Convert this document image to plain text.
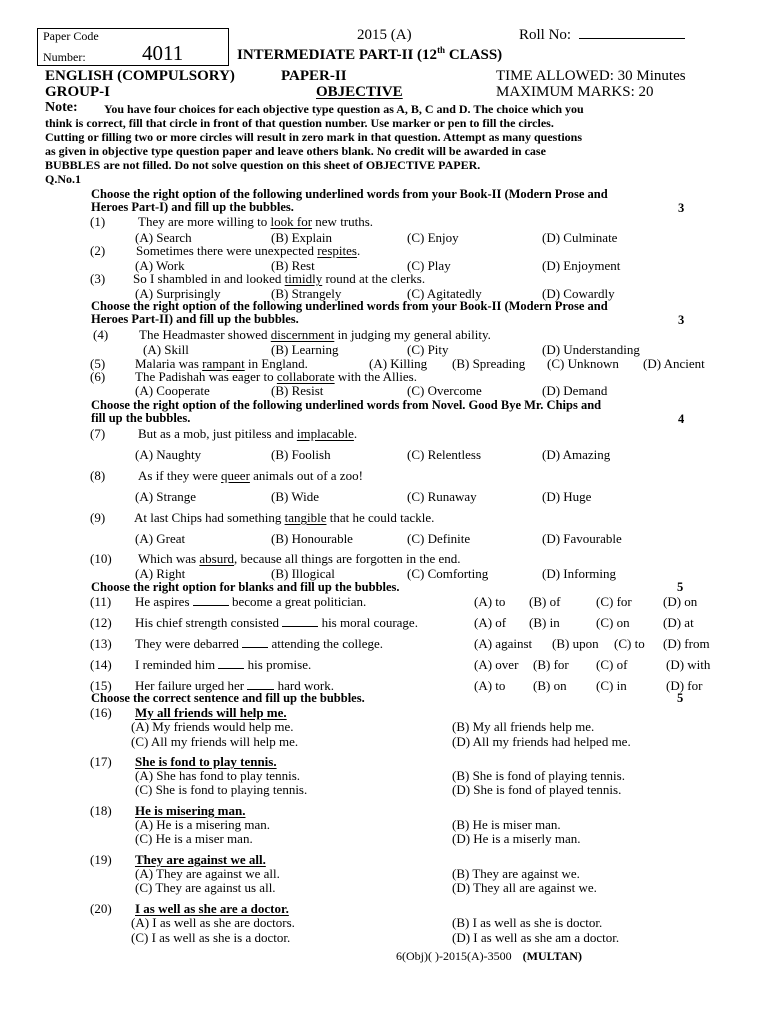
Paper Code
Number:	4011
2015 (A)	Roll No:
INTERMEDIATE PART-II (12th CLASS)
ENGLISH (COMPULSORY)	PAPER-II	TIME ALLOWED: 30 Minutes
GROUP-I	OBJECTIVE	MAXIMUM MARKS: 20
Note: You have four choices for each objective type question as A, B, C and D. The choice which you
think is correct, fill that circle in front of that question number. Use marker or pen to fill the circles.
Cutting or filling two or more circles will result in zero mark in that question. Attempt as many questions
as given in objective type question paper and leave others blank. No credit will be awarded in case
BUBBLES are not filled. Do not solve question on this sheet of OBJECTIVE PAPER.
Q.No.1
Choose the right option of the following underlined words from your Book-II (Modern Prose and
Heroes Part-I) and fill up the bubbles.	3
(1)	They are more willing to look for new truths.
(A) Search	(B) Explain	(C) Enjoy	(D) Culminate
(2) Sometimes there were unexpected respites.
(A) Work	(B) Rest	(C) Play	(D) Enjoyment
(3) So I shambled in and looked timidly round at the clerks.
(A) Surprisingly	(B) Strangely	(C) Agitatedly	(D) Cowardly
Choose the right option of the following underlined words from your Book-II (Modern Prose and
Heroes Part-II) and fill up the bubbles.	3
(4) The Headmaster showed discernment in judging my general ability.
(A) Skill	(B) Learning	(C) Pity	(D) Understanding
(5) Malaria was rampant in England.	(A) Killing (B) Spreading (C) Unknown (D) Ancient
(6) The Padishah was eager to collaborate with the Allies.
(A) Cooperate	(B) Resist	(C) Overcome	(D) Demand
Choose the right option of the following underlined words from Novel. Good Bye Mr. Chips and
fill up the bubbles.	4
(7)	But as a mob, just pitiless and implacable.
(A) Naughty	(B) Foolish	(C) Relentless	(D) Amazing
(8)	As if they were queer animals out of a zoo!
(A) Strange	(B) Wide	(C) Runaway	(D) Huge
(9) At last Chips had something tangible that he could tackle.
(A) Great	(B) Honourable	(C) Definite	(D) Favourable
(10) Which was absurd, because all things are forgotten in the end.
(A) Right	(B) Illogical	(C) Comforting	(D) Informing
Choose the right option for blanks and fill up the bubbles.	5
(11) He aspires	become a great politician.	(A) to (B) of	(C) for (D) on
(12) His chief strength consisted	his moral courage.	(A) of (B) in	(C) on	(D) at
(13) They were debarred  attending the college.	(A) against (B) upon (C) to (D) from
(14) I reminded him  his promise.	(A) over (B) for (C) of	(D) with
(15) Her failure urged her  hard work.	(A) to (B) on (C) in	(D) for
Choose the correct sentence and fill up the bubbles.	5
(16) My all friends will help me.
(A) My friends would help me.	(B) My all friends help me.
(C) All my friends will help me.	(D) All my friends had helped me.
(17) She is fond to play tennis.
(A) She has fond to play tennis.	(B) She is fond of playing tennis.
(C) She is fond to playing tennis.	(D) She is fond of played tennis.
(18) He is misering man.
(A) He is a misering man.	(B) He is miser man.
(C) He is a miser man.	(D) He is a miserly man.
(19) They are against we all.
(A) They are against we all.	(B) They are against we.
(C) They are against us all.	(D) They all are against we.
(20) I as well as she are a doctor.
(A) I as well as she are doctors.	(B) I as well as she is doctor.
(C) I as well as she is a doctor.	(D) I as well as she am a doctor.
6(Obj)( )-2015(A)-3500 (MULTAN)
